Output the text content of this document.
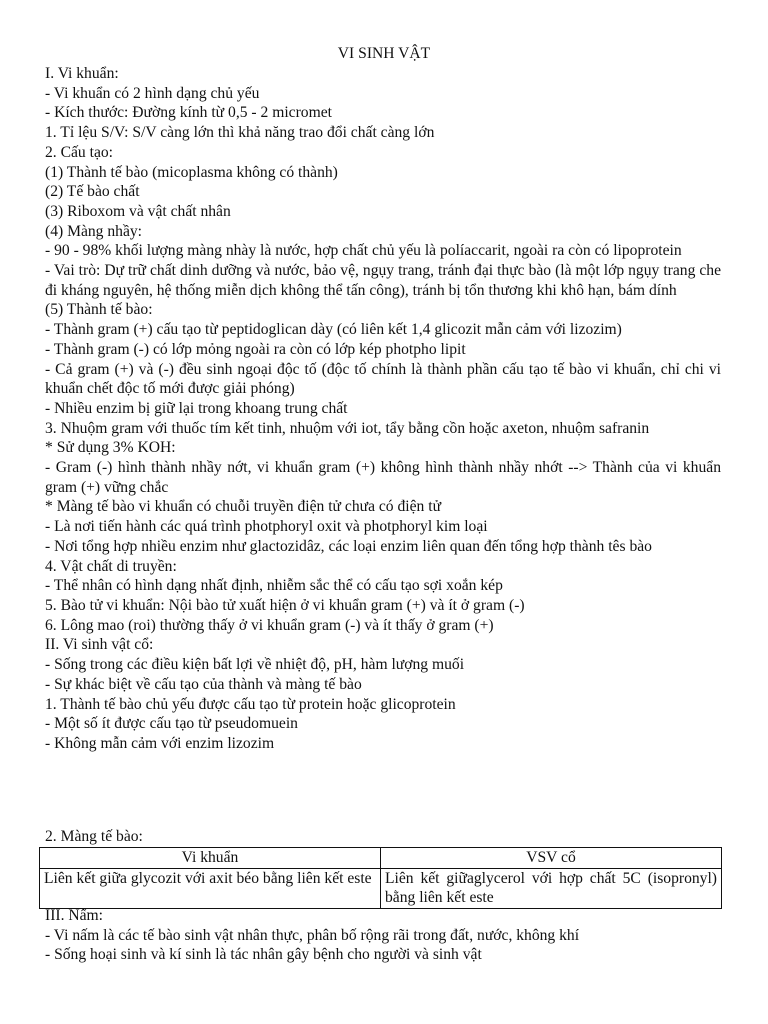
VI SINH VẬT

I. Vi khuẩn:

- Vi khuẩn có 2 hình dạng chủ yếu

- Kích thước: Đường kính từ 0,5 - 2 micromet

1. Tỉ lệu S/V: S/V càng lớn thì khả năng trao đổi chất càng lớn

2. Cấu tạo:

(1) Thành tế bào (micoplasma không có thành)

(2) Tế bào chất

(3) Riboxom và vật chất nhân

(4) Màng nhầy:

- 90 - 98% khối lượng màng nhày là nước, hợp chất chủ yếu là políaccarit, ngoài ra còn có lipoprotein

- Vai trò: Dự trữ chất dinh dưỡng và nước, bảo vệ, ngụy trang, tránh đại thực bào (là một lớp ngụy trang che đi kháng nguyên, hệ thống miễn dịch không thể tấn công), tránh bị tổn thương khi khô hạn, bám dính

(5) Thành tế bào:

- Thành gram (+) cấu tạo từ peptidoglican dày (có liên kết 1,4 glicozit mẫn cảm với lizozim)

- Thành gram (-) có lớp mỏng ngoài ra còn có lớp kép photpho lipit

- Cả gram (+) và (-) đều sinh ngoại độc tố (độc tố chính là thành phần cấu tạo tế bào vi khuẩn, chỉ chi vi khuẩn chết độc tố mới được giải phóng)

- Nhiều enzim bị giữ lại trong khoang trung chất

3. Nhuộm gram với thuốc tím kết tinh, nhuộm với iot, tẩy bằng cồn hoặc axeton, nhuộm safranin

* Sử dụng 3% KOH:

- Gram (-) hình thành nhầy nớt, vi khuẩn gram (+) không hình thành nhầy nhớt --> Thành của vi khuẩn gram (+) vững chắc

* Màng tế bào vi khuẩn có chuỗi truyền điện tử chưa có điện tử

- Là nơi tiến hành các quá trình photphoryl oxit và photphoryl kim loại

- Nơi tổng hợp nhiều enzim như glactozidâz, các loại enzim liên quan đến tổng hợp thành tês bào

4. Vật chất di truyền:

- Thể nhân có hình dạng nhất định, nhiễm sắc thể có cấu tạo sợi xoắn kép

5. Bào tử vi khuẩn: Nội bào tử xuất hiện ở vi khuẩn gram (+) và ít ở gram (-)

6. Lông mao (roi) thường thấy ở vi khuẩn gram (-) và ít thấy ở gram (+)

II. Vi sinh vật cổ:

- Sống trong các điều kiện bất lợi về nhiệt độ, pH, hàm lượng muối

- Sự khác biệt về cấu tạo của thành và màng tế bào

1. Thành tế bào chủ yếu được cấu tạo từ protein hoặc glicoprotein

- Một số ít được cấu tạo từ pseudomuein

- Không mẫn cảm với enzim lizozim

2. Màng tế bào:

Vi khuẩn	VSV cổ
Liên kết giữa glycozit với axit béo bằng liên kết este	Liên kết giữaglycerol với hợp chất 5C (isopronyl) bằng liên kết este

III. Nấm:

- Vi nấm là các tế bào sinh vật nhân thực, phân bố rộng rãi trong đất, nước, không khí

- Sống hoại sinh và kí sinh là tác nhân gây bệnh cho người và sinh vật
